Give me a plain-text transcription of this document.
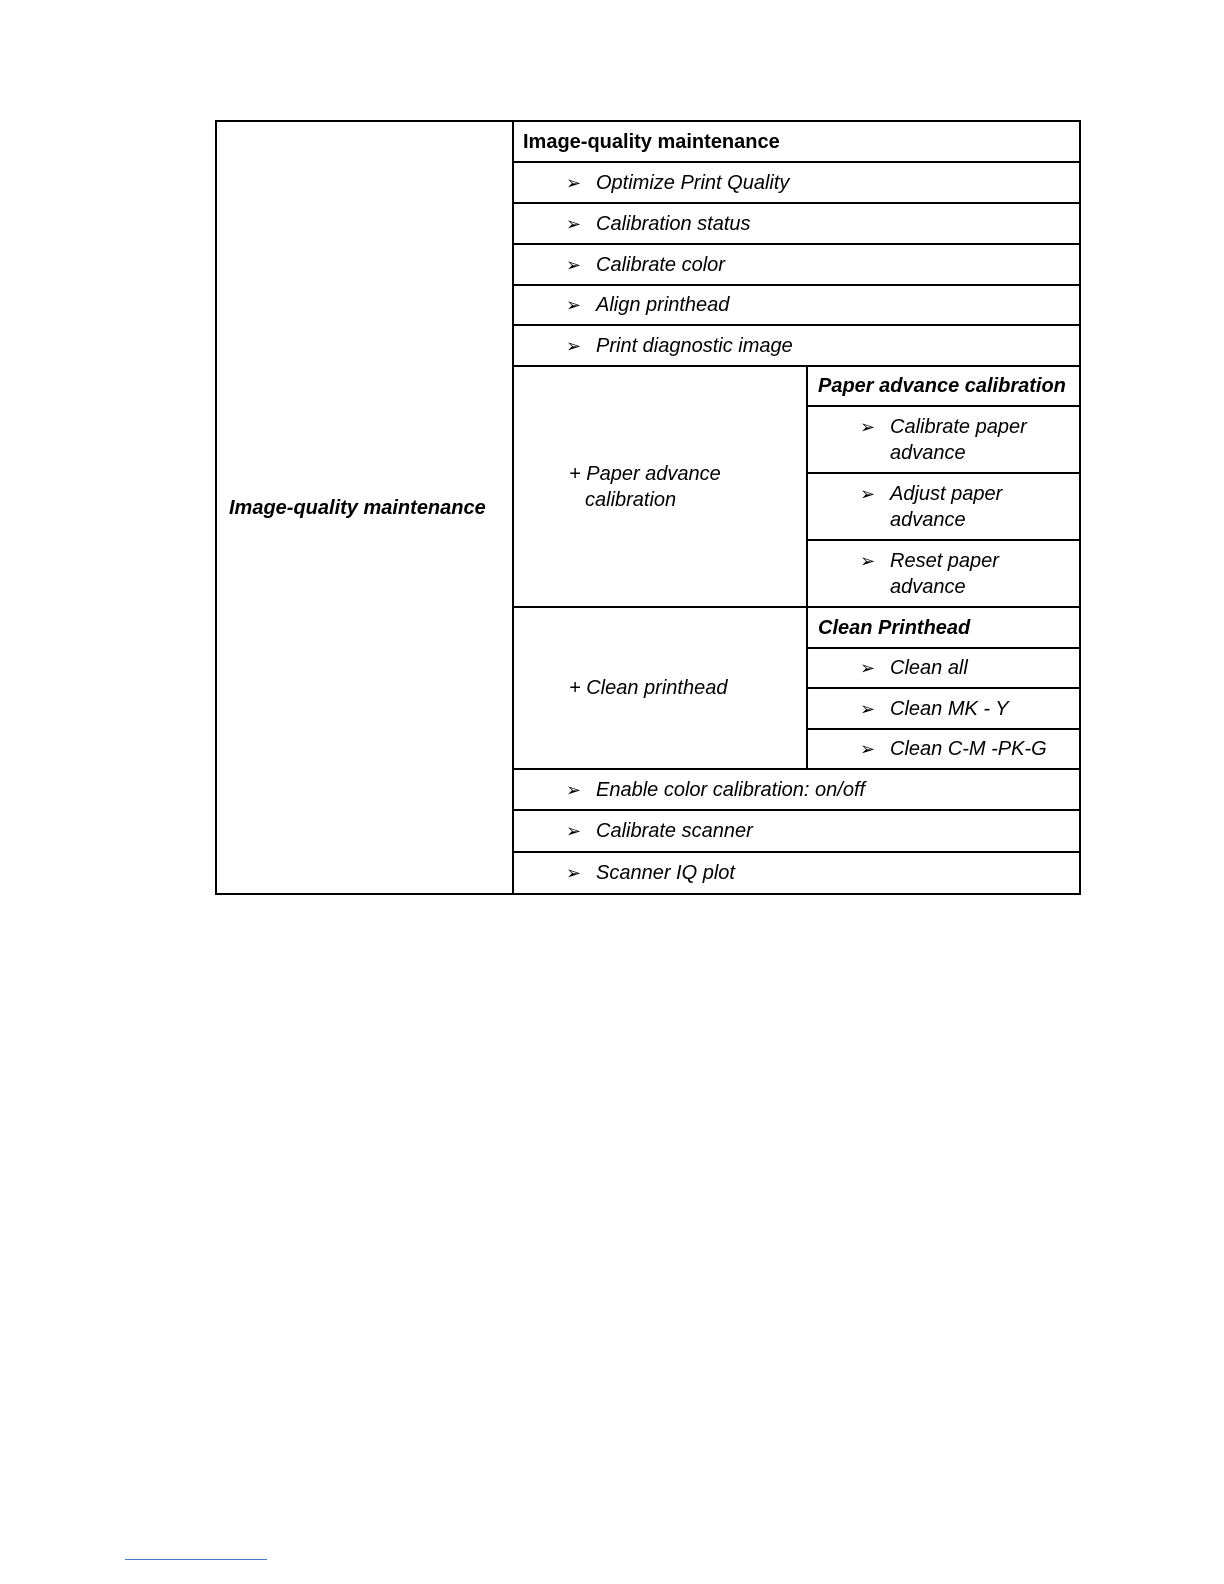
Image-quality maintenance	Image-quality maintenance	
	➢ Optimize Print Quality	
	➢ Calibration status	
	➢ Calibrate color	
	➢ Align printhead	
	➢ Print diagnostic image	
	+ Paper advance calibration	Paper advance calibration
		➢ Calibrate paper advance
		➢ Adjust paper advance
		➢ Reset paper advance
	+ Clean printhead	Clean Printhead
		➢ Clean all
		➢ Clean MK - Y
		➢ Clean C-M -PK-G
	➢ Enable color calibration: on/off	
	➢ Calibrate scanner	
	➢ Scanner IQ plot	
